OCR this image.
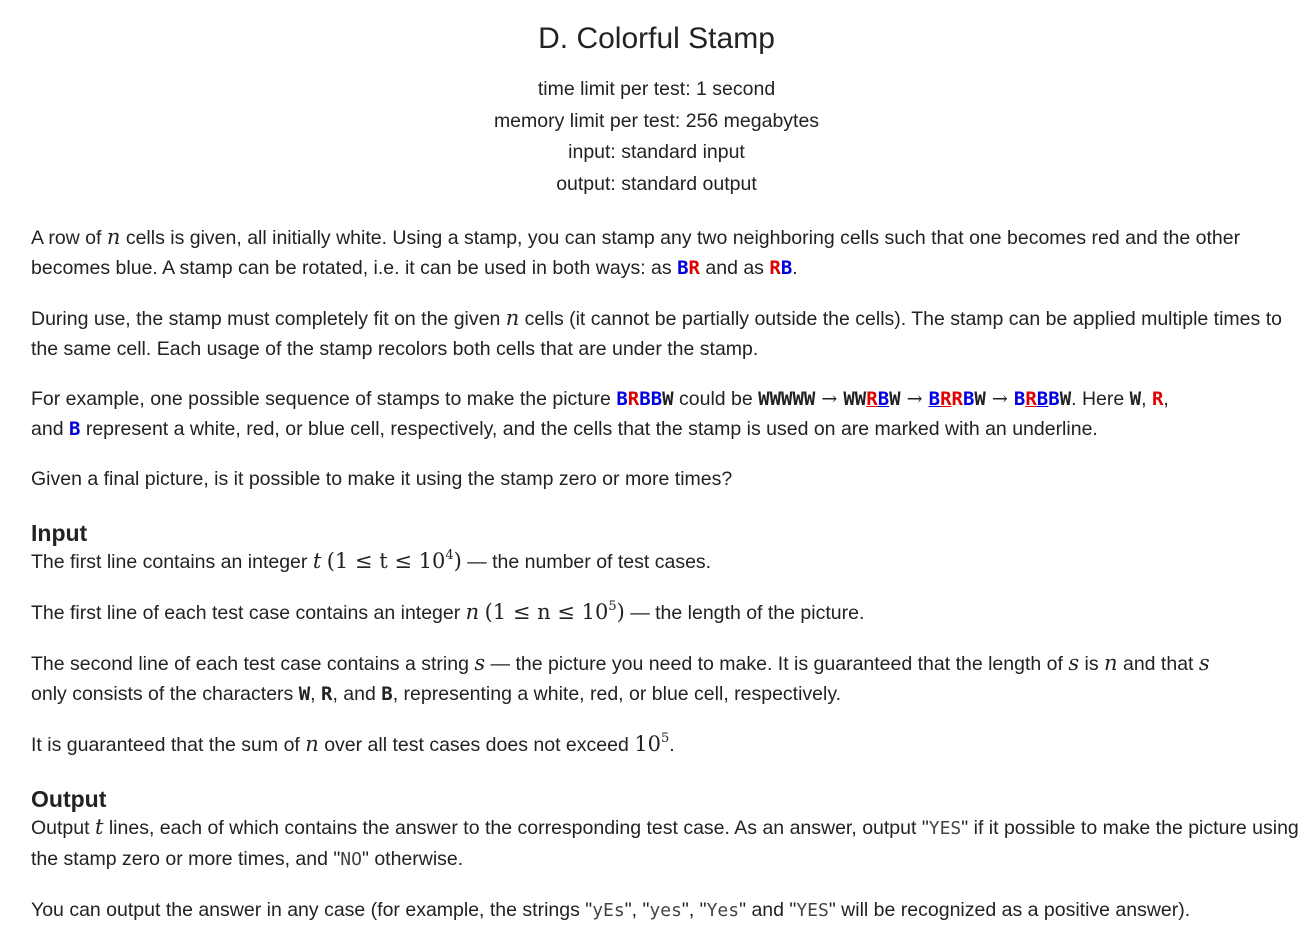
D. Colorful Stamp
time limit per test: 1 second
memory limit per test: 256 megabytes
input: standard input
output: standard output

A row of n cells is given, all initially white. Using a stamp, you can stamp any two neighboring cells such that one becomes red and the other becomes blue. A stamp can be rotated, i.e. it can be used in both ways: as BR and as RB.

During use, the stamp must completely fit on the given n cells (it cannot be partially outside the cells). The stamp can be applied multiple times to the same cell. Each usage of the stamp recolors both cells that are under the stamp.

For example, one possible sequence of stamps to make the picture BRBBW could be WWWWW → WWRBW → BRRBW → BRBBW. Here W, R,
and B represent a white, red, or blue cell, respectively, and the cells that the stamp is used on are marked with an underline.

Given a final picture, is it possible to make it using the stamp zero or more times?

Input

The first line contains an integer t $(1 \le t \le 10^4)$ — the number of test cases.

The first line of each test case contains an integer n $(1 \le n \le 10^5)$ — the length of the picture.

The second line of each test case contains a string s — the picture you need to make. It is guaranteed that the length of s is n and that s
only consists of the characters W, R, and B, representing a white, red, or blue cell, respectively.

It is guaranteed that the sum of n over all test cases does not exceed $10^5$.

Output

Output t lines, each of which contains the answer to the corresponding test case. As an answer, output "YES" if it possible to make the picture using the stamp zero or more times, and "NO" otherwise.

You can output the answer in any case (for example, the strings "yEs", "yes", "Yes" and "YES" will be recognized as a positive answer).
